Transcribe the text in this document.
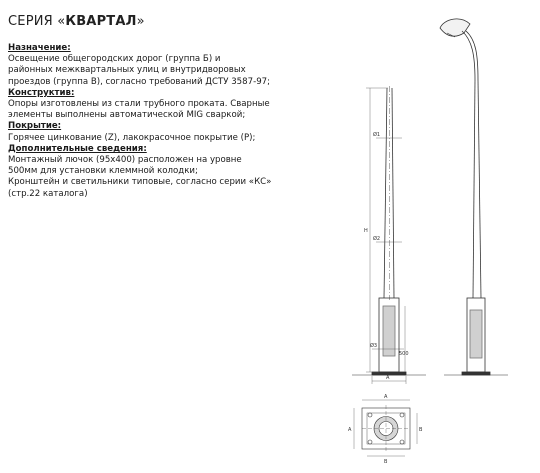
СЕРИЯ «КВАРТАЛ»
Назначение:
Освещение общегородских дорог (группа Б) и
районных межквартальных улиц и внутридворовых
проездов (группа В), согласно требований ДСТУ 3587-97;
Конструктив:
Опоры изготовлены из стали трубного проката. Сварные
элементы выполнены автоматической MIG сваркой;
Покрытие:
Горячее цинкование (Z), лакокрасочное покрытие (P);
Дополнительные сведения:
Монтажный лючок (95х400) расположен на уровне
500мм для установки клеммной колодки;
Кронштейн и светильники типовые, согласно серии «КС»
(стр.22 каталога)
H
Ø1
Ø2
Ø3
500
A
A
A	B
B
